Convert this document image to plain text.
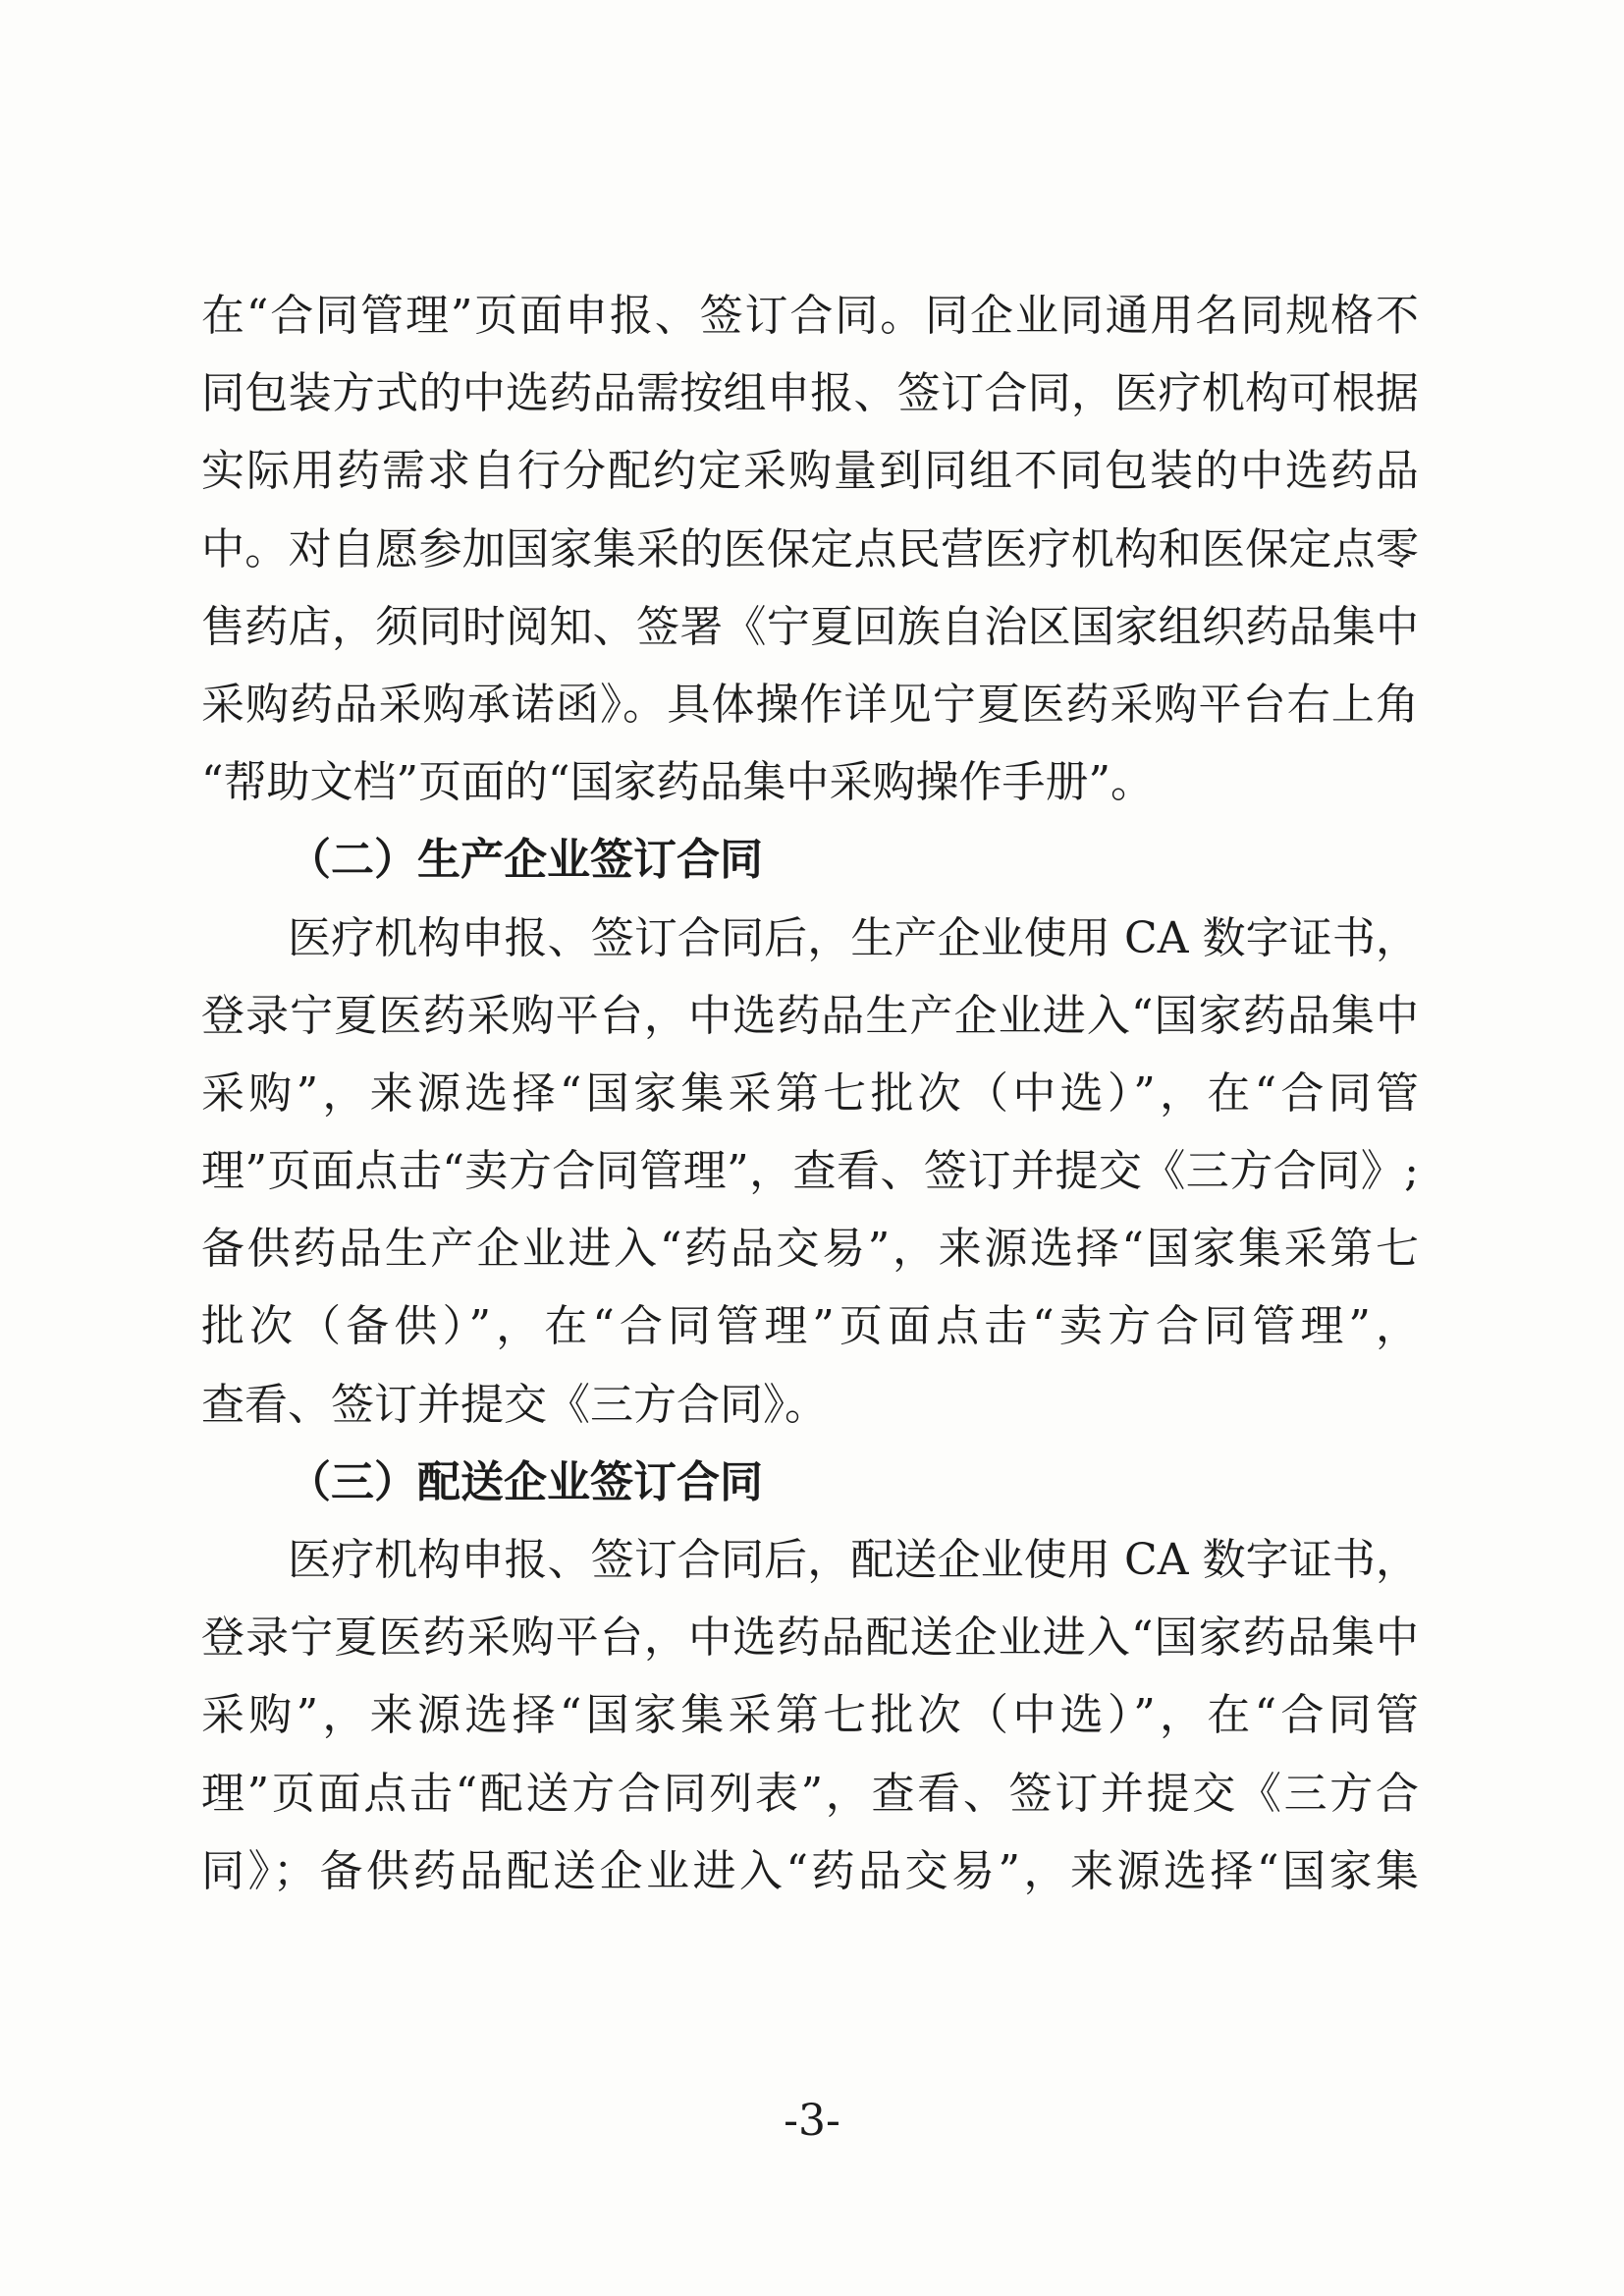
在“合同管理”页面申报、签订合同。同企业同通用名同规格不
同包装方式的中选药品需按组申报、签订合同，医疗机构可根据
实际用药需求自行分配约定采购量到同组不同包装的中选药品
中。对自愿参加国家集采的医保定点民营医疗机构和医保定点零
售药店，须同时阅知、签署《宁夏回族自治区国家组织药品集中
采购药品采购承诺函》。具体操作详见宁夏医药采购平台右上角
“帮助文档”页面的“国家药品集中采购操作手册”。
（二）生产企业签订合同
医疗机构申报、签订合同后，生产企业使用 CA 数字证书，
登录宁夏医药采购平台，中选药品生产企业进入“国家药品集中
采购”，来源选择“国家集采第七批次（中选）”，在“合同管
理”页面点击“卖方合同管理”，查看、签订并提交《三方合同》;
备供药品生产企业进入“药品交易”，来源选择“国家集采第七
批次（备供）”，在“合同管理”页面点击“卖方合同管理”，
查看、签订并提交《三方合同》。
（三）配送企业签订合同
医疗机构申报、签订合同后，配送企业使用 CA 数字证书，
登录宁夏医药采购平台，中选药品配送企业进入“国家药品集中
采购”，来源选择“国家集采第七批次（中选）”，在“合同管
理”页面点击“配送方合同列表”，查看、签订并提交《三方合
同》；备供药品配送企业进入“药品交易”，来源选择“国家集
-3-
